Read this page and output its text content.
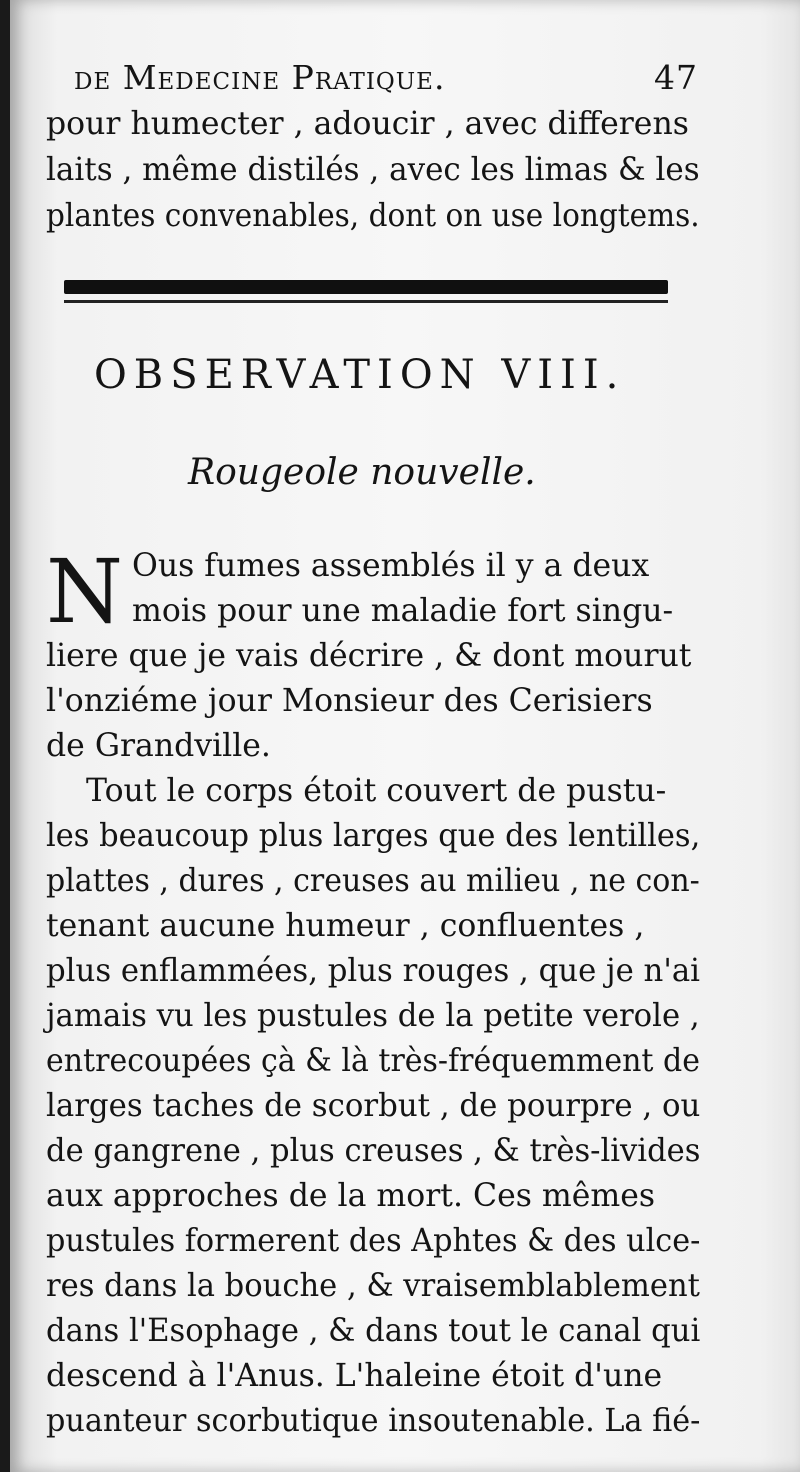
de Medecine Pratique.	47
pour humecter , adoucir , avec differens
laits , même distilés , avec les limas & les
plantes convenables, dont on use longtems.
OBSERVATION VIII.
Rougeole nouvelle.
N Ous fumes assemblés il y a deux
mois pour une maladie fort singu-
liere que je vais décrire , & dont mourut
l'onziéme jour Monsieur des Cerisiers
de Grandville.
Tout le corps étoit couvert de pustu-
les beaucoup plus larges que des lentilles,
plattes , dures , creuses au milieu , ne con-
tenant aucune humeur , confluentes ,
plus enflammées, plus rouges , que je n'ai
jamais vu les pustules de la petite verole ,
entrecoupées çà & là très-fréquemment de
larges taches de scorbut , de pourpre , ou
de gangrene , plus creuses , & très-livides
aux approches de la mort. Ces mêmes
pustules formerent des Aphtes & des ulce-
res dans la bouche , & vraisemblablement
dans l'Esophage , & dans tout le canal qui
descend à l'Anus. L'haleine étoit d'une
puanteur scorbutique insoutenable. La fié-
